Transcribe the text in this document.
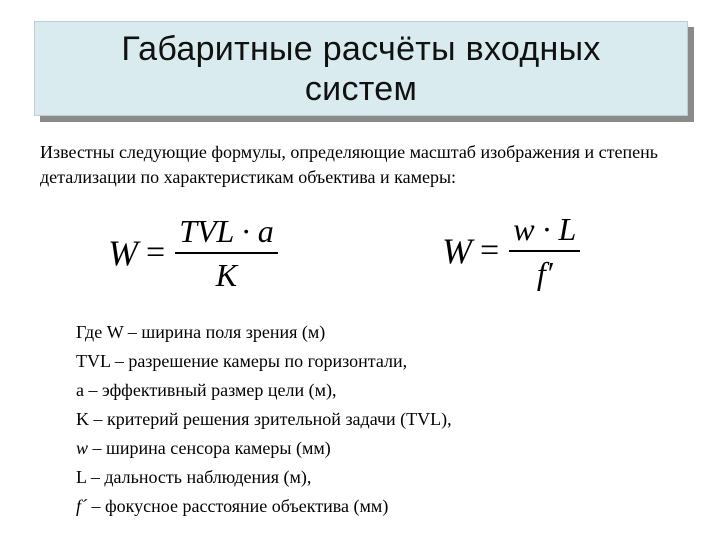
Габаритные расчёты входных
систем
Известны следующие формулы, определяющие масштаб изображения и степень детализации по характеристикам объектива и камеры:
$W = \frac{\text{TVL · a}}{K}$	$W = \frac{w \cdot L}{f'}$
Где W – ширина поля зрения (м)
TVL – разрешение камеры по горизонтали,
a – эффективный размер цели (м),
K – критерий решения зрительной задачи (TVL),
w – ширина сенсора камеры (мм)
L – дальность наблюдения (м),
f´ – фокусное расстояние объектива (мм)
